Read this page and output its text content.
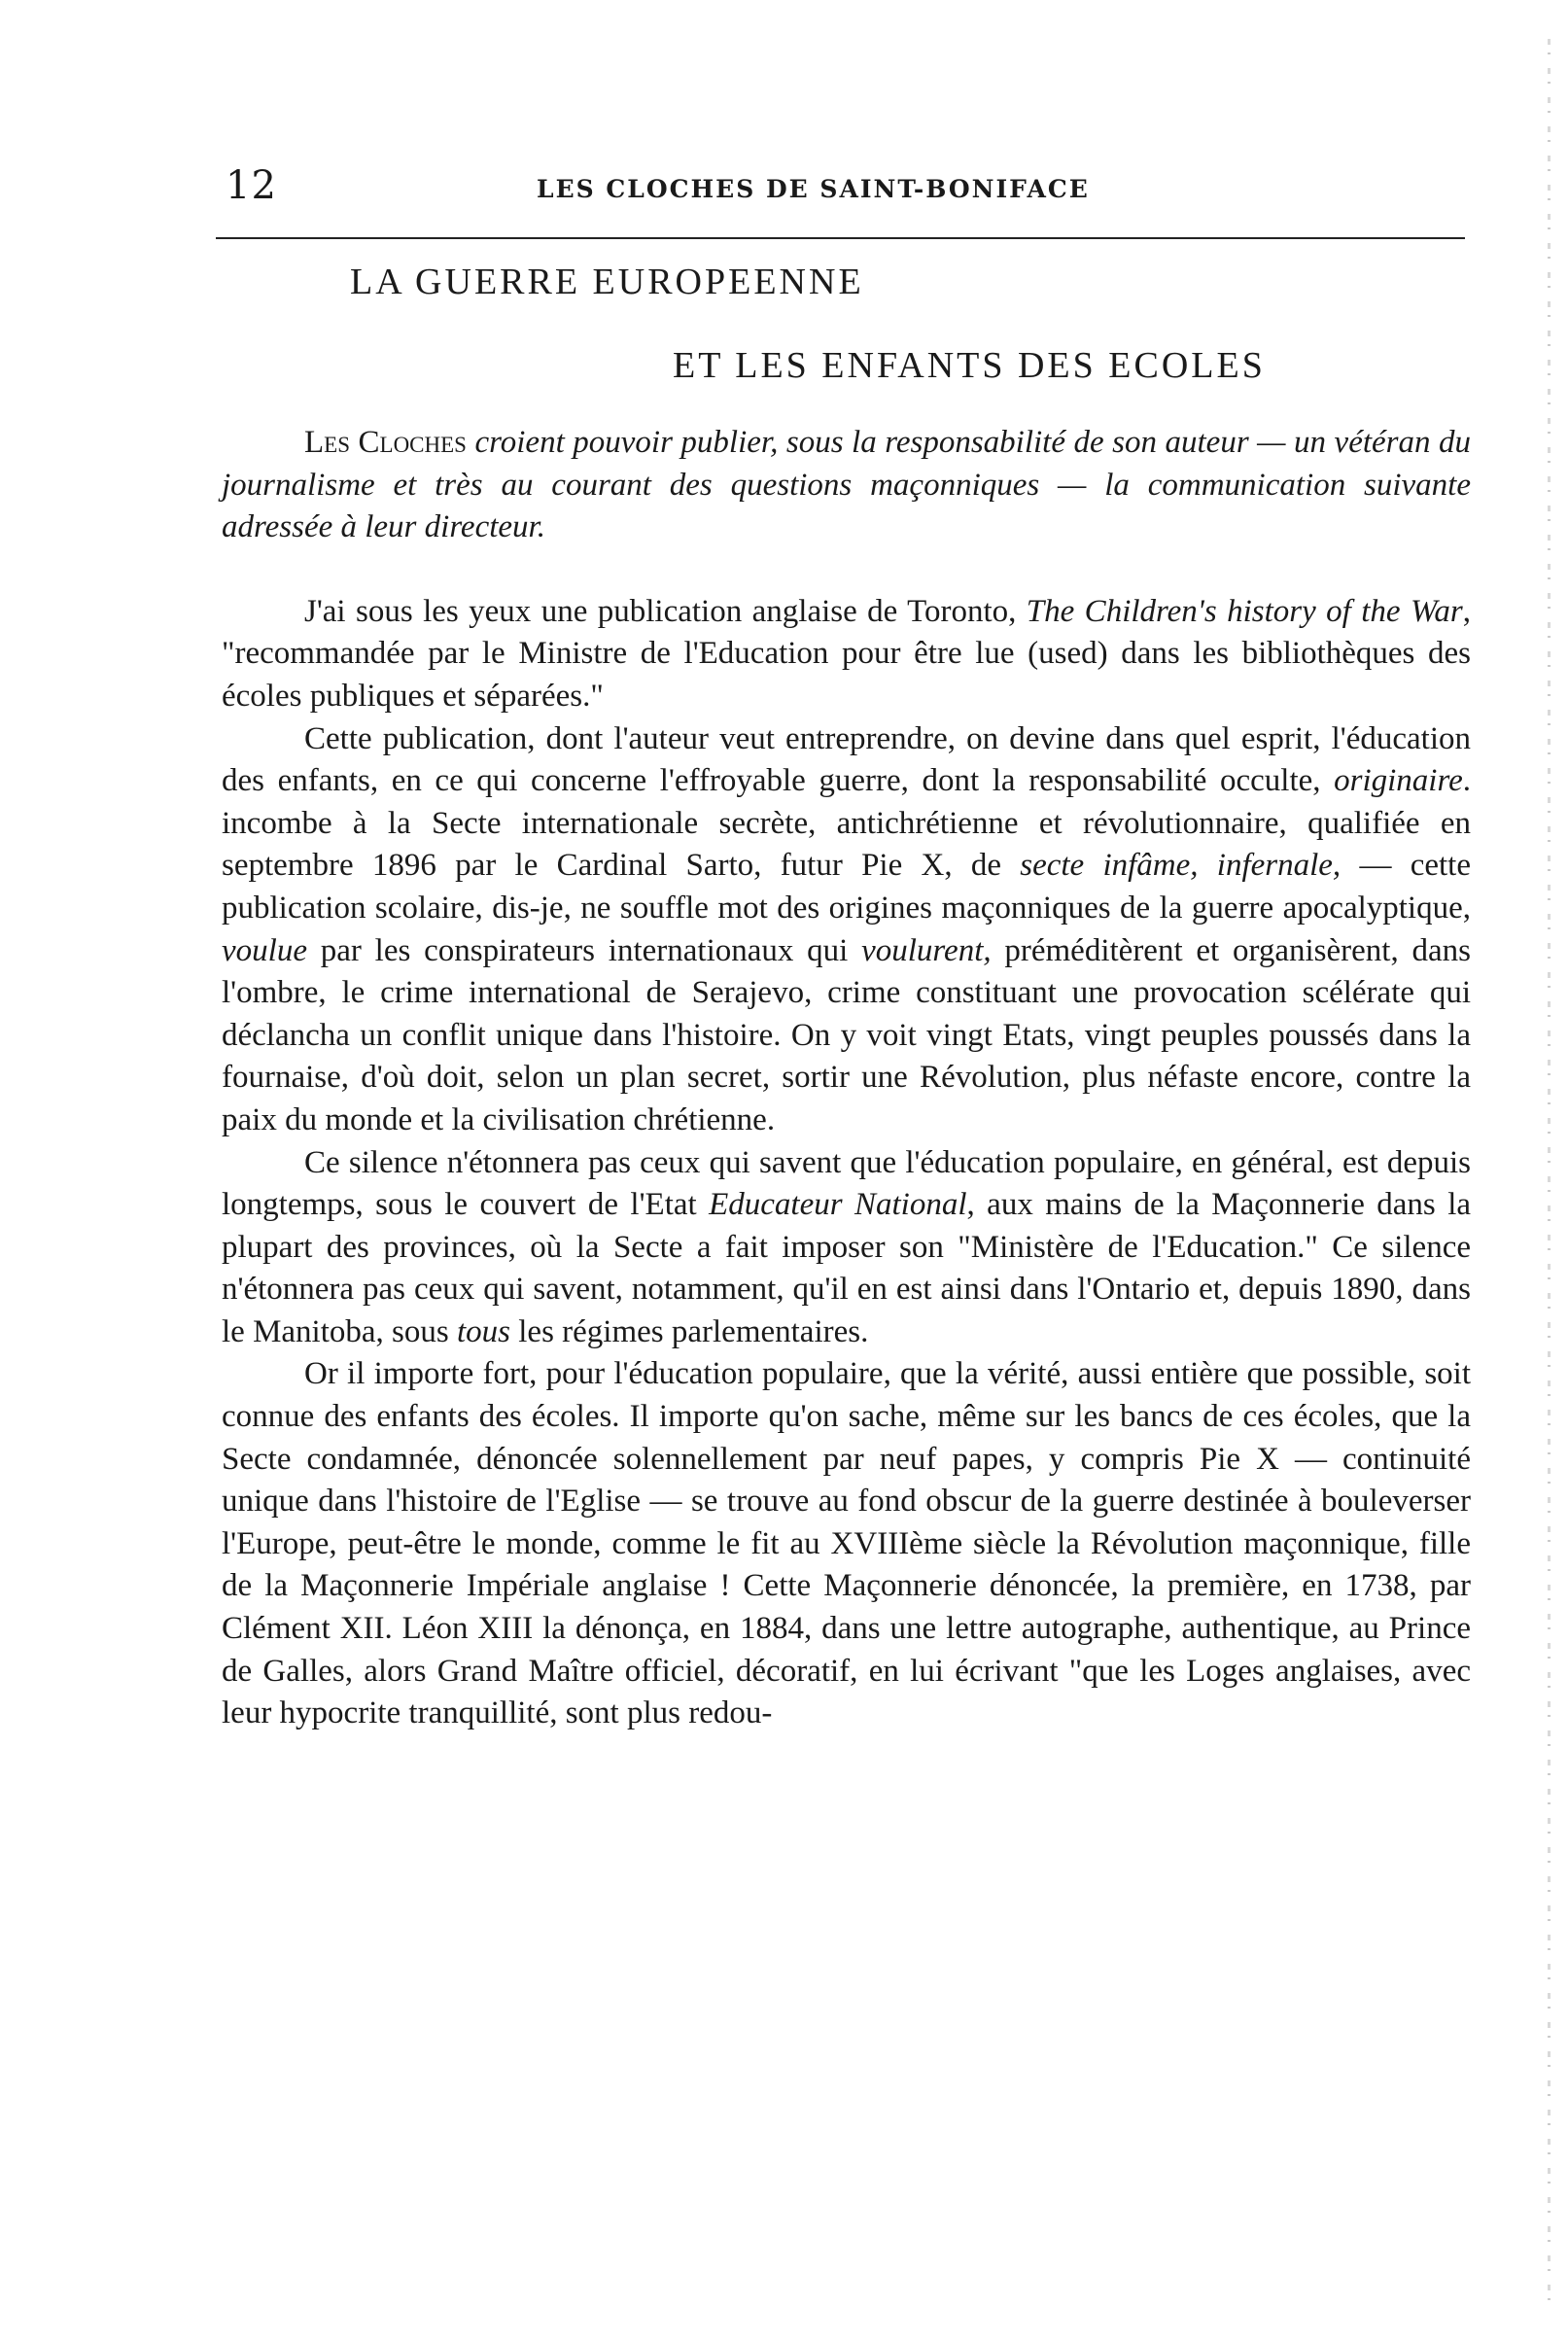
12	LES CLOCHES DE SAINT-BONIFACE
LA GUERRE EUROPEENNE
ET LES ENFANTS DES ECOLES

Les Cloches croient pouvoir publier, sous la responsabilité de son auteur — un vétéran du journalisme et très au courant des questions maçonniques — la communication suivante adressée à leur directeur.

J'ai sous les yeux une publication anglaise de Toronto, The Children's history of the War, "recommandée par le Ministre de l'Education pour être lue (used) dans les bibliothèques des écoles publiques et séparées."

Cette publication, dont l'auteur veut entreprendre, on devine dans quel esprit, l'éducation des enfants, en ce qui concerne l'effroyable guerre, dont la responsabilité occulte, originaire. incombe à la Secte internationale secrète, antichrétienne et révolutionnaire, qualifiée en septembre 1896 par le Cardinal Sarto, futur Pie X, de secte infâme, infernale, — cette publication scolaire, dis-je, ne souffle mot des origines maçonniques de la guerre apocalyptique, voulue par les conspirateurs internationaux qui voulurent, préméditèrent et organisèrent, dans l'ombre, le crime international de Serajevo, crime constituant une provocation scélérate qui déclancha un conflit unique dans l'histoire. On y voit vingt Etats, vingt peuples poussés dans la fournaise, d'où doit, selon un plan secret, sortir une Révolution, plus néfaste encore, contre la paix du monde et la civilisation chrétienne.

Ce silence n'étonnera pas ceux qui savent que l'éducation populaire, en général, est depuis longtemps, sous le couvert de l'Etat Educateur National, aux mains de la Maçonnerie dans la plupart des provinces, où la Secte a fait imposer son "Ministère de l'Education." Ce silence n'étonnera pas ceux qui savent, notamment, qu'il en est ainsi dans l'Ontario et, depuis 1890, dans le Manitoba, sous tous les régimes parlementaires.

Or il importe fort, pour l'éducation populaire, que la vérité, aussi entière que possible, soit connue des enfants des écoles. Il importe qu'on sache, même sur les bancs de ces écoles, que la Secte condamnée, dénoncée solennellement par neuf papes, y compris Pie X — continuité unique dans l'histoire de l'Eglise — se trouve au fond obscur de la guerre destinée à bouleverser l'Europe, peut-être le monde, comme le fit au XVIIIème siècle la Révolution maçonnique, fille de la Maçonnerie Impériale anglaise ! Cette Maçonnerie dénoncée, la première, en 1738, par Clément XII. Léon XIII la dénonça, en 1884, dans une lettre autographe, authentique, au Prince de Galles, alors Grand Maître officiel, décoratif, en lui écrivant "que les Loges anglaises, avec leur hypocrite tranquillité, sont plus redou-
